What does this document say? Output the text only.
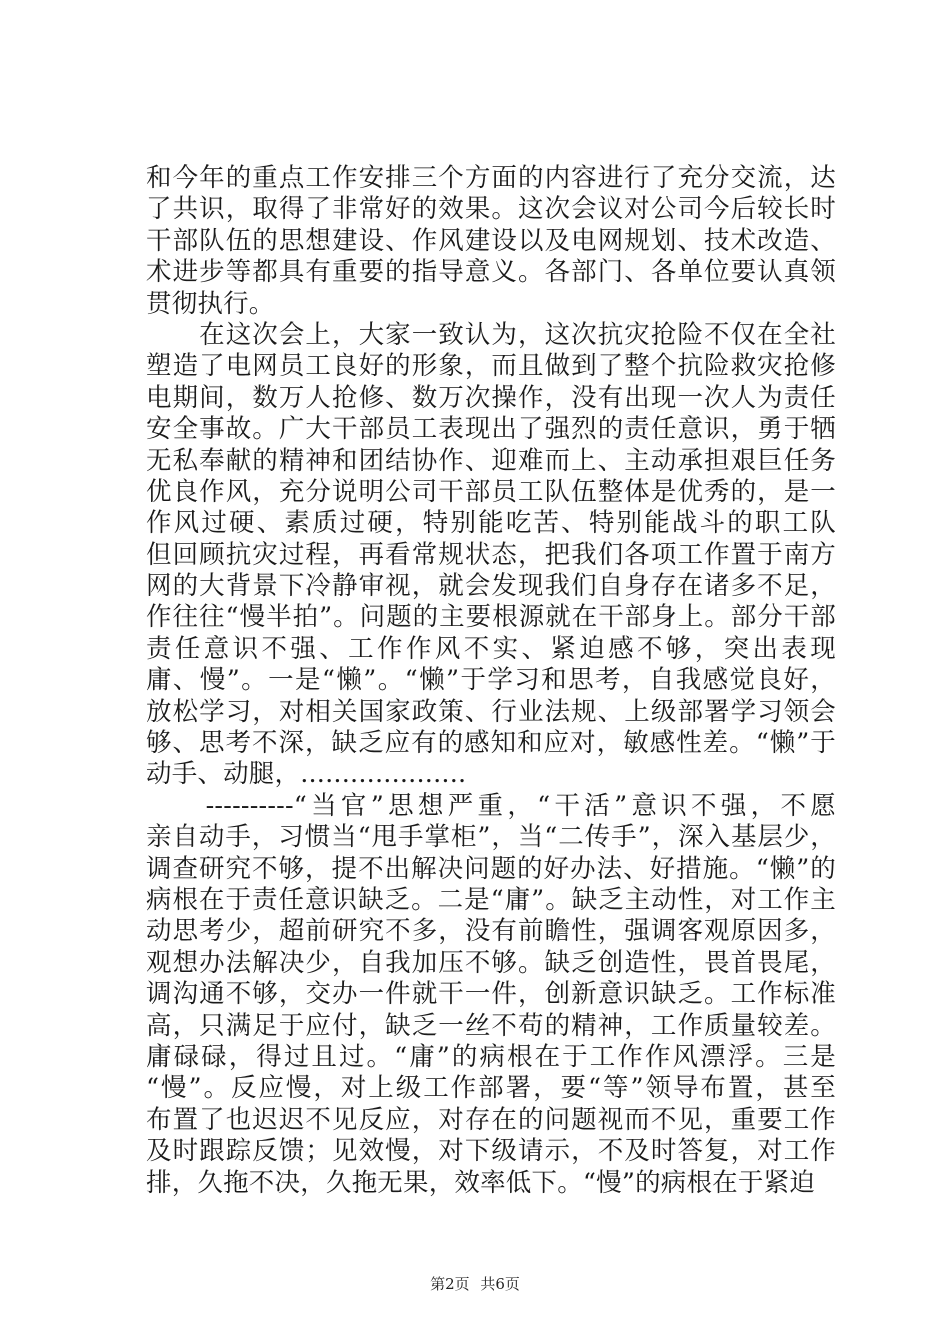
和今年的重点工作安排三个方面的内容进行了充分交流，达
了共识，取得了非常好的效果。这次会议对公司今后较长时
干部队伍的思想建设、作风建设以及电网规划、技术改造、
术进步等都具有重要的指导意义。各部门、各单位要认真领
贯彻执行。
　　在这次会上，大家一致认为，这次抗灾抢险不仅在全社
塑造了电网员工良好的形象，而且做到了整个抗险救灾抢修
电期间，数万人抢修、数万次操作，没有出现一次人为责任
安全事故。广大干部员工表现出了强烈的责任意识，勇于牺
无私奉献的精神和团结协作、迎难而上、主动承担艰巨任务
优良作风，充分说明公司干部员工队伍整体是优秀的，是一
作风过硬、素质过硬，特别能吃苦、特别能战斗的职工队
但回顾抗灾过程，再看常规状态，把我们各项工作置于南方
网的大背景下冷静审视，就会发现我们自身存在诸多不足，
作往往“慢半拍”。问题的主要根源就在干部身上。部分干部
责任意识不强、工作作风不实、紧迫感不够，突出表现
庸、慢”。一是“懒”。“懒”于学习和思考，自我感觉良好，
放松学习，对相关国家政策、行业法规、上级部署学习领会
够、思考不深，缺乏应有的感知和应对，敏感性差。“懒”于
动手、动腿，....................
　　----------“当官”思想严重，“干活”意识不强，不愿
亲自动手，习惯当“甩手掌柜”，当“二传手”，深入基层少，
调查研究不够，提不出解决问题的好办法、好措施。“懒”的
病根在于责任意识缺乏。二是“庸”。缺乏主动性，对工作主
动思考少，超前研究不多，没有前瞻性，强调客观原因多，
观想办法解决少，自我加压不够。缺乏创造性，畏首畏尾，
调沟通不够，交办一件就干一件，创新意识缺乏。工作标准
高，只满足于应付，缺乏一丝不苟的精神，工作质量较差。
庸碌碌，得过且过。“庸”的病根在于工作作风漂浮。三是
“慢”。反应慢，对上级工作部署，要“等”领导布置，甚至
布置了也迟迟不见反应，对存在的问题视而不见，重要工作
及时跟踪反馈；见效慢，对下级请示，不及时答复，对工作
排，久拖不决，久拖无果，效率低下。“慢”的病根在于紧迫
第2页 共6页
